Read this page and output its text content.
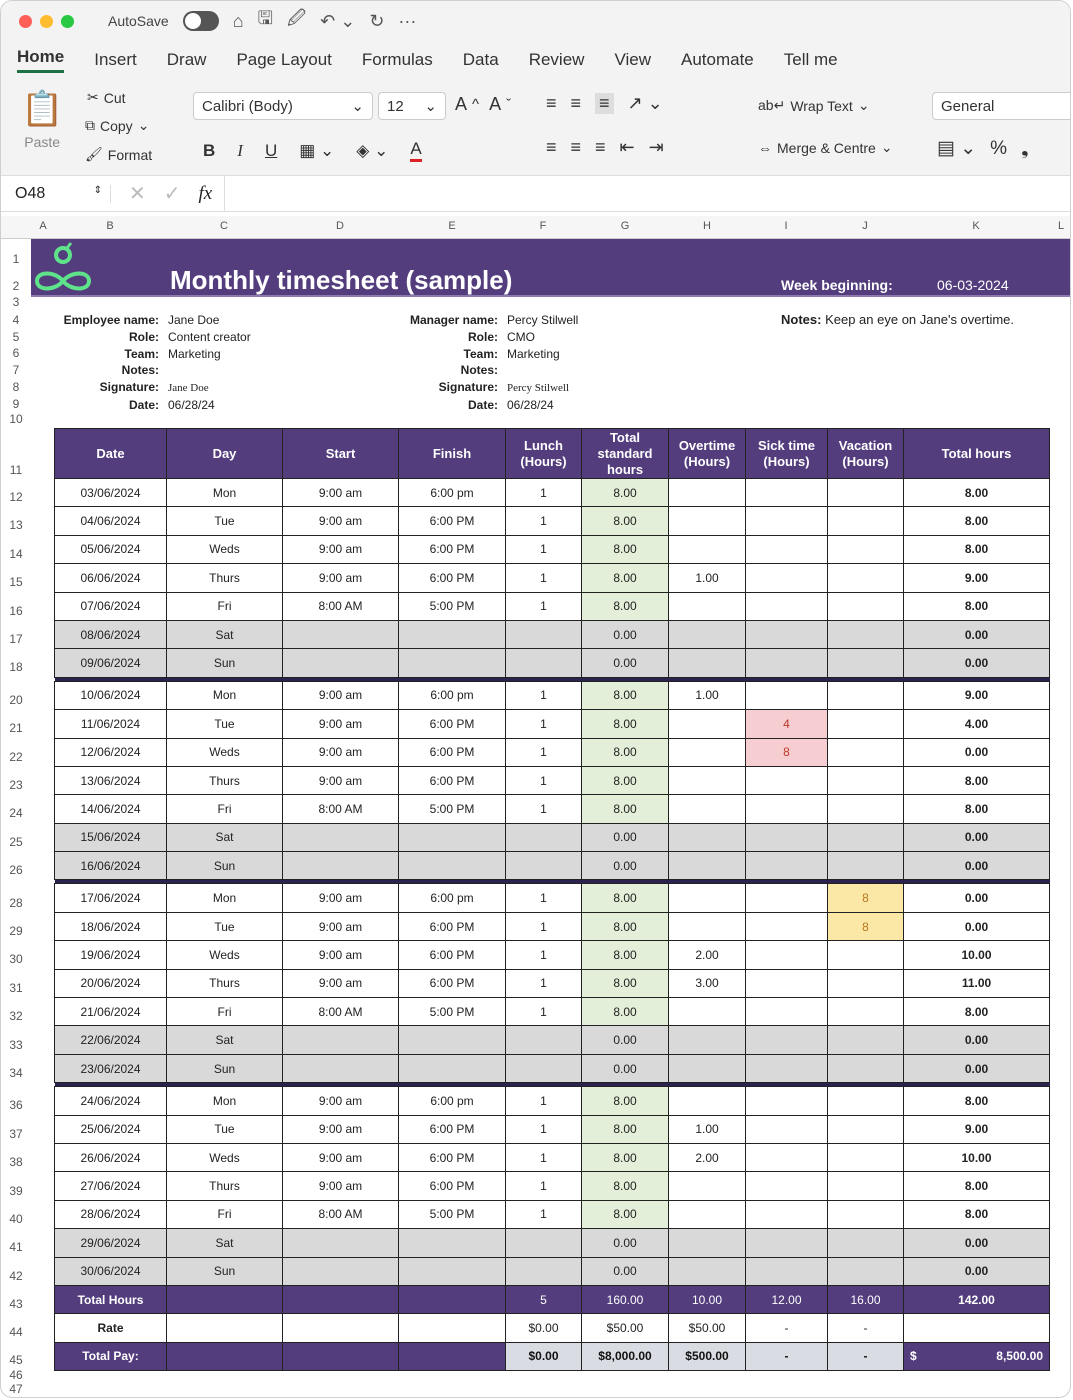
AutoSave	⌂ 🖫 🖉 ↶ ⌄ ↻ ···
Home Insert Draw Page Layout Formulas Data Review View Automate Tell me
📋
Paste
✂ Cut
⧉ Copy ⌄
🖌 Format
Calibri (Body)	⌄ 12 ⌄ A ^ A ˇ
B I U ▦ ⌄ ◈ ⌄ A
≡ ≡ ≡ ↗ ⌄
≡ ≡ ≡ ⇤ ⇥
ab↵ Wrap Text ⌄
⇔ Merge & Centre ⌄
General
▤ ⌄ % ❟
O48	⇕ ✕ ✓ fx
A	B	C	D	E	F	G	H	I	J	K	L
1
2
3
4
5
6
7
8
9
10
11
12
13
14
15
16
17
18
20
21
22
23
24
25
26
28
29
30
31
32
33
34
36
37
38
39
40
41
42
43
44
45
46
47
Monthly timesheet (sample)	Week beginning:	06-03-2024
Employee name: Jane Doe
Role: Content creator
Team: Marketing
Notes:
Signature: Jane Doe
Date: 06/28/24
Manager name: Percy Stilwell
Role: CMO
Team: Marketing
Notes:
Signature: Percy Stilwell
Date: 06/28/24
Notes: Keep an eye on Jane's overtime.
Date	Day	Start	Finish	Lunch (Hours)	Total standard hours	Overtime (Hours)	Sick time (Hours)	Vacation (Hours)	Total hours
03/06/2024	Mon	9:00 am	6:00 pm	1	8.00				8.00
04/06/2024	Tue	9:00 am	6:00 PM	1	8.00				8.00
05/06/2024	Weds	9:00 am	6:00 PM	1	8.00				8.00
06/06/2024	Thurs	9:00 am	6:00 PM	1	8.00	1.00			9.00
07/06/2024	Fri	8:00 AM	5:00 PM	1	8.00				8.00
08/06/2024	Sat				0.00				0.00
09/06/2024	Sun				0.00				0.00

10/06/2024	Mon	9:00 am	6:00 pm	1	8.00	1.00			9.00
11/06/2024	Tue	9:00 am	6:00 PM	1	8.00		4		4.00
12/06/2024	Weds	9:00 am	6:00 PM	1	8.00		8		0.00
13/06/2024	Thurs	9:00 am	6:00 PM	1	8.00				8.00
14/06/2024	Fri	8:00 AM	5:00 PM	1	8.00				8.00
15/06/2024	Sat				0.00				0.00
16/06/2024	Sun				0.00				0.00

17/06/2024	Mon	9:00 am	6:00 pm	1	8.00			8	0.00
18/06/2024	Tue	9:00 am	6:00 PM	1	8.00			8	0.00
19/06/2024	Weds	9:00 am	6:00 PM	1	8.00	2.00			10.00
20/06/2024	Thurs	9:00 am	6:00 PM	1	8.00	3.00			11.00
21/06/2024	Fri	8:00 AM	5:00 PM	1	8.00				8.00
22/06/2024	Sat				0.00				0.00
23/06/2024	Sun				0.00				0.00

24/06/2024	Mon	9:00 am	6:00 pm	1	8.00				8.00
25/06/2024	Tue	9:00 am	6:00 PM	1	8.00	1.00			9.00
26/06/2024	Weds	9:00 am	6:00 PM	1	8.00	2.00			10.00
27/06/2024	Thurs	9:00 am	6:00 PM	1	8.00				8.00
28/06/2024	Fri	8:00 AM	5:00 PM	1	8.00				8.00
29/06/2024	Sat				0.00				0.00
30/06/2024	Sun				0.00				0.00
Total Hours				5	160.00	10.00	12.00	16.00	142.00
Rate				$0.00	$50.00	$50.00	-	-	
Total Pay:				$0.00	$8,000.00	$500.00	-	-	$ 8,500.00
